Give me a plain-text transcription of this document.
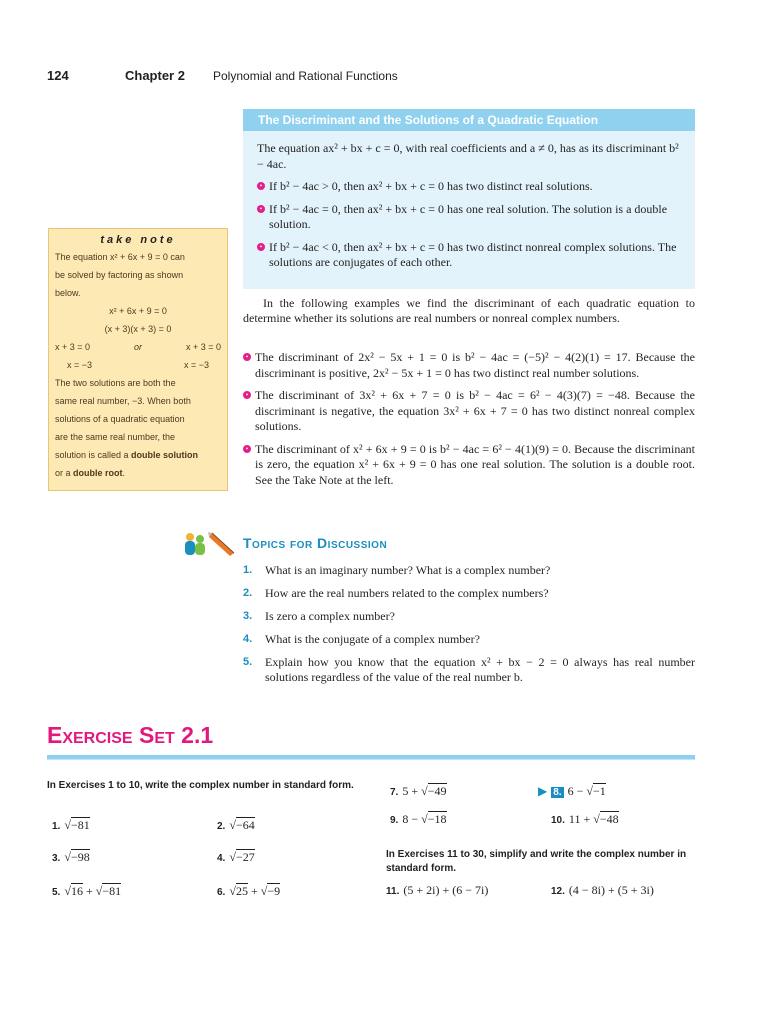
124	Chapter 2 Polynomial and Rational Functions
The Discriminant and the Solutions of a Quadratic Equation

The equation ax² + bx + c = 0, with real coefficients and a ≠ 0, has as its discriminant b² − 4ac.

• If b² − 4ac > 0, then ax² + bx + c = 0 has two distinct real solutions.
• If b² − 4ac = 0, then ax² + bx + c = 0 has one real solution. The solution is a double solution.
• If b² − 4ac < 0, then ax² + bx + c = 0 has two distinct nonreal complex solutions. The solutions are conjugates of each other.
take note
The equation x² + 6x + 9 = 0 can
be solved by factoring as shown
below.
x² + 6x + 9 = 0
(x + 3)(x + 3) = 0
x + 3 = 0	or	x + 3 = 0
x = −3	x = −3
The two solutions are both the
same real number, −3. When both
solutions of a quadratic equation
are the same real number, the
solution is called a double solution
or a double root.

In the following examples we find the discriminant of each quadratic equation to determine whether its solutions are real numbers or nonreal complex numbers.

• The discriminant of 2x² − 5x + 1 = 0 is b² − 4ac = (−5)² − 4(2)(1) = 17. Because the discriminant is positive, 2x² − 5x + 1 = 0 has two distinct real number solutions.
• The discriminant of 3x² + 6x + 7 = 0 is b² − 4ac = 6² − 4(3)(7) = −48. Because the discriminant is negative, the equation 3x² + 6x + 7 = 0 has two distinct nonreal complex solutions.
• The discriminant of x² + 6x + 9 = 0 is b² − 4ac = 6² − 4(1)(9) = 0. Because the discriminant is zero, the equation x² + 6x + 9 = 0 has one real solution. The solution is a double root. See the Take Note at the left.
Topics for Discussion
1. What is an imaginary number? What is a complex number?
2. How are the real numbers related to the complex numbers?
3. Is zero a complex number?
4. What is the conjugate of a complex number?
5. Explain how you know that the equation x² + bx − 2 = 0 always has real number solutions regardless of the value of the real number b.
Exercise Set 2.1
In Exercises 1 to 10, write the complex number in standard form.
1. √−81	2. √−64
3. √−98	4. √−27
5. √16 + √−81	6. √25 + √−9
7. 5 + √−49	▶ 8. 6 − √−1
9. 8 − √−18	10. 11 + √−48
In Exercises 11 to 30, simplify and write the complex number in standard form.
11. (5 + 2i) + (6 − 7i)	12. (4 − 8i) + (5 + 3i)
